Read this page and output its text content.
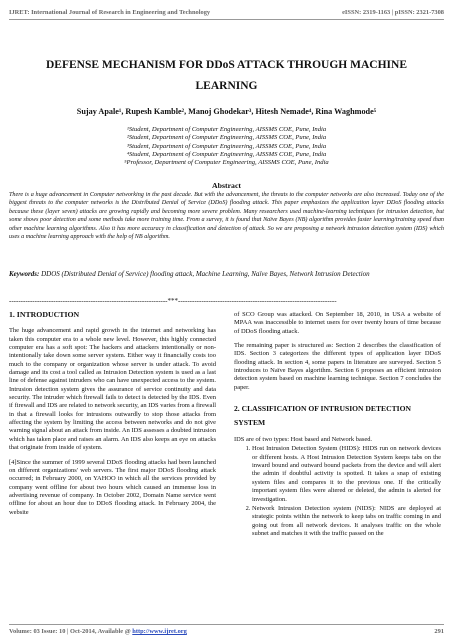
IJRET: International Journal of Research in Engineering and Technology	eISSN: 2319-1163 | pISSN: 2321-7308
DEFENSE MECHANISM FOR DDoS ATTACK THROUGH MACHINE LEARNING
Sujay Apale¹, Rupesh Kamble², Manoj Ghodekar³, Hitesh Nemade⁴, Rina Waghmode⁵
¹Student, Department of Computer Engineering, AISSMS COE, Pune, India
²Student, Department of Computer Engineering, AISSMS COE, Pune, India
³Student, Department of Computer Engineering, AISSMS COE, Pune, India
⁴Student, Department of Computer Engineering, AISSMS COE, Pune, India
⁵Professor, Department of Computer Engineering, AISSMS COE, Pune, India
Abstract
There is a huge advancement in Computer networking in the past decade. But with the advancement, the threats to the computer networks are also increased. Today one of the biggest threats to the computer networks is the Distributed Denial of Service (DDoS) flooding attack. This paper emphasizes the application layer DDoS flooding attacks because these (layer seven) attacks are growing rapidly and becoming more severe problem. Many researchers used machine-learning techniques for intrusion detection, but some shows poor detection and some methods take more training time. From a survey, it is found that Naïve Bayes (NB) algorithm provides faster learning/training speed than other machine learning algorithms. Also it has more accuracy in classification and detection of attack. So we are proposing a network intrusion detection system (IDS) which uses a machine learning approach with the help of NB algorithm.
Keywords: DDOS (Distributed Denial of Service) flooding attack, Machine Learning, Naïve Bayes, Network Intrusion Detection
--------------------------------------------------------------------***--------------------------------------------------------------------
1. INTRODUCTION

The huge advancement and rapid growth in the internet and networking has taken this computer era to a whole new level. However, this highly connected computer era has a soft spot: The hackers and attackers intentionally or non-intentionally take down some server system. Either way it financially costs too much to the company or organization whose server is under attack. To avoid damage and its cost a tool called as Intrusion Detection system is used as a last line of defense against intruders who can have unexpected access to the system. Intrusion detection system gives the assurance of service continuity and data security. The intruder which firewall fails to detect is detected by the IDS. Even if firewall and IDS are related to network security, an IDS varies from a firewall in that a firewall looks for intrusions outwardly to stop those attacks from affecting the system by limiting the access between networks and do not give warning signal about an attack from inside. An IDS assesses a doubted intrusion which has taken place and raises an alarm. An IDS also keeps an eye on attacks that originate from inside of system.

[4]Since the summer of 1999 several DDoS flooding attacks had been launched on different organizations' web servers. The first major DDoS flooding attack occurred; in February 2000, on YAHOO in which all the services provided by company went offline for about two hours which caused an immense loss in advertising revenue of company. In October 2002, Domain Name service went offline for about an hour due to DDoS flooding attack. In February 2004, the website

of SCO Group was attacked. On September 18, 2010, in USA a website of MPAA was inaccessible to internet users for over twenty hours of time because of DDoS flooding attack.

The remaining paper is structured as: Section 2 describes the classification of IDS. Section 3 categorizes the different types of application layer DDoS flooding attack. In section 4, some papers in literature are surveyed. Section 5 introduces to Naïve Bayes algorithm. Section 6 proposes an efficient intrusion detection system based on machine learning technique. Section 7 concludes the paper.

2. CLASSIFICATION OF INTRUSION DETECTION SYSTEM

IDS are of two types: Host based and Network based.

1. Host Intrusion Detection System (HIDS): HIDS run on network devices or different hosts. A Host Intrusion Detection System keeps tabs on the inward bound and outward bound packets from the device and will alert the admin if doubtful activity is spotted. It takes a snap of existing system files and compares it to the previous one. If the critically important system files were altered or deleted, the admin is alerted for investigation.
2. Network Intrusion Detection system (NIDS): NIDS are deployed at strategic points within the network to keep tabs on traffic coming in and going out from all network devices. It analyses traffic on the whole subnet and matches it with the traffic passed on the
Volume: 03 Issue: 10 | Oct-2014, Available @ http://www.ijret.org	291
